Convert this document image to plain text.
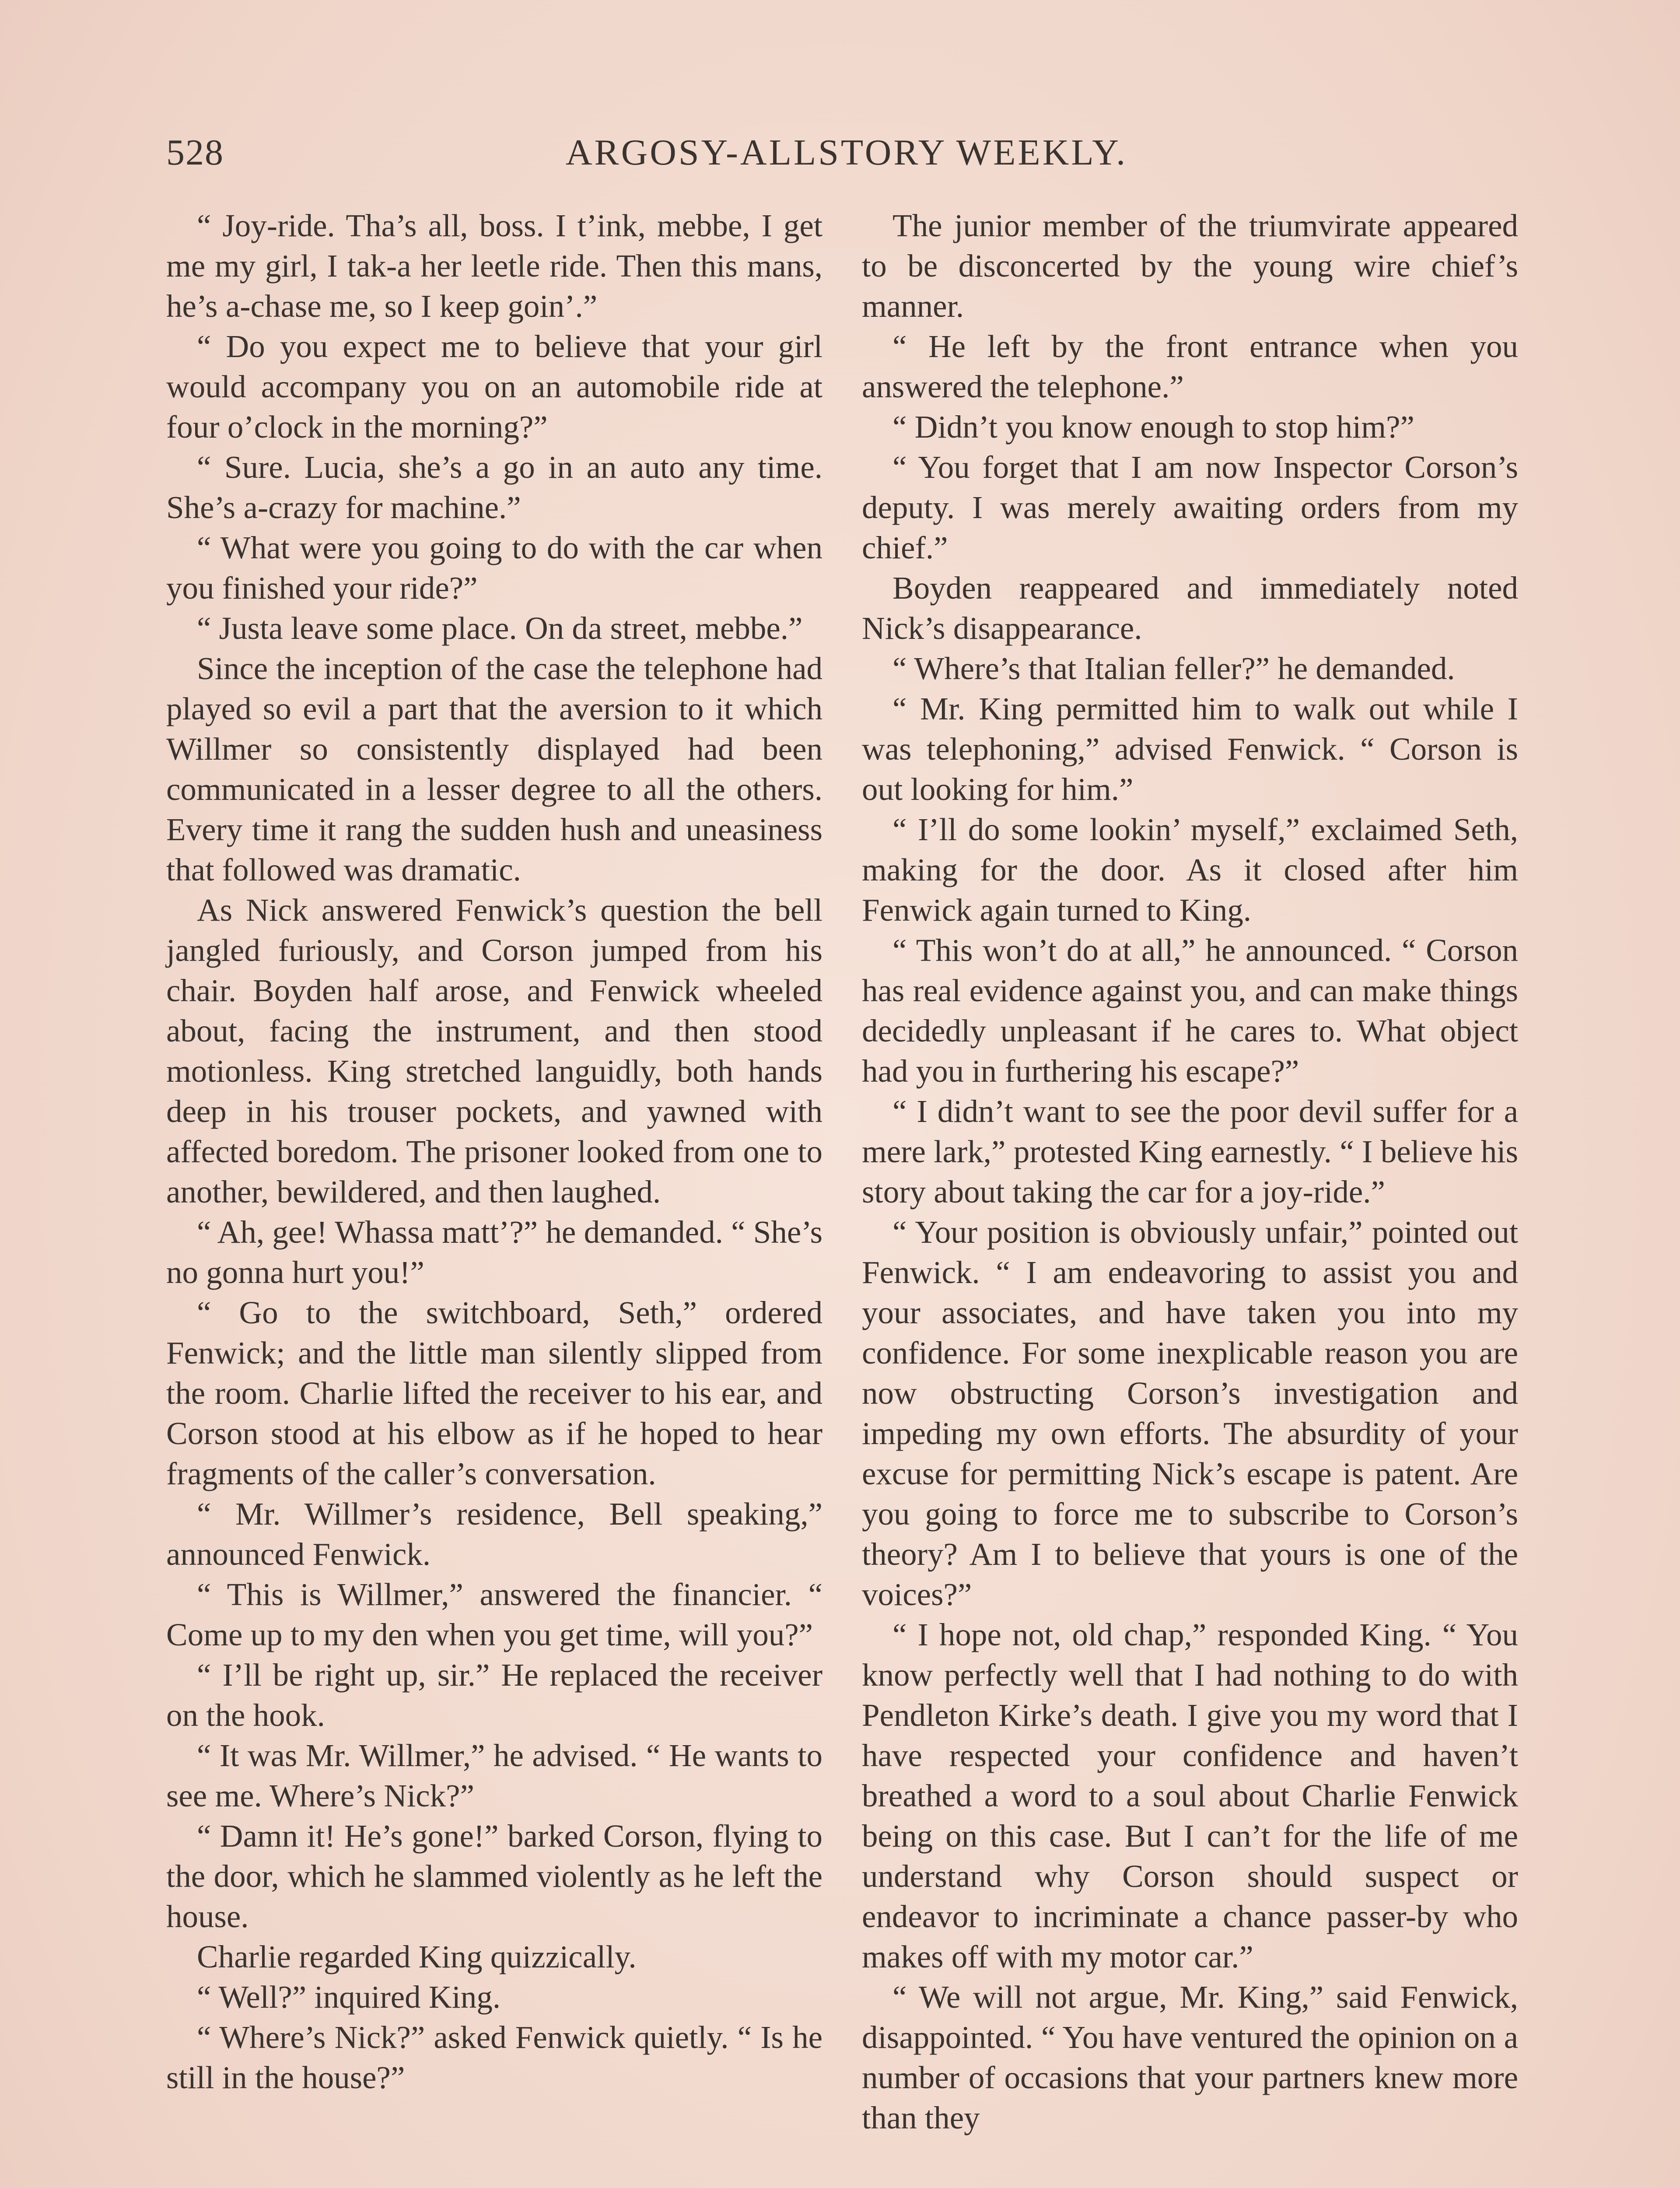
528	ARGOSY-ALLSTORY WEEKLY.

“ Joy-ride. Tha’s all, boss. I t’ink, mebbe, I get me my girl, I tak-a her leetle ride. Then this mans, he’s a-chase me, so I keep goin’.”

“ Do you expect me to believe that your girl would accompany you on an automobile ride at four o’clock in the morning?”

“ Sure. Lucia, she’s a go in an auto any time. She’s a-crazy for machine.”

“ What were you going to do with the car when you finished your ride?”

“ Justa leave some place. On da street, mebbe.”

Since the inception of the case the telephone had played so evil a part that the aversion to it which Willmer so consistently displayed had been communicated in a lesser degree to all the others. Every time it rang the sudden hush and uneasiness that followed was dramatic.

As Nick answered Fenwick’s question the bell jangled furiously, and Corson jumped from his chair. Boyden half arose, and Fenwick wheeled about, facing the instrument, and then stood motionless. King stretched languidly, both hands deep in his trouser pockets, and yawned with affected boredom. The prisoner looked from one to another, bewildered, and then laughed.

“ Ah, gee! Whassa matt’?” he demanded. “ She’s no gonna hurt you!”

“ Go to the switchboard, Seth,” ordered Fenwick; and the little man silently slipped from the room. Charlie lifted the receiver to his ear, and Corson stood at his elbow as if he hoped to hear fragments of the caller’s conversation.

“ Mr. Willmer’s residence, Bell speaking,” announced Fenwick.

“ This is Willmer,” answered the financier. “ Come up to my den when you get time, will you?”

“ I’ll be right up, sir.” He replaced the receiver on the hook.

“ It was Mr. Willmer,” he advised. “ He wants to see me. Where’s Nick?”

“ Damn it! He’s gone!” barked Corson, flying to the door, which he slammed violently as he left the house.

Charlie regarded King quizzically.

“ Well?” inquired King.

“ Where’s Nick?” asked Fenwick quietly. “ Is he still in the house?”

The junior member of the triumvirate appeared to be disconcerted by the young wire chief’s manner.

“ He left by the front entrance when you answered the telephone.”

“ Didn’t you know enough to stop him?”

“ You forget that I am now Inspector Corson’s deputy. I was merely awaiting orders from my chief.”

Boyden reappeared and immediately noted Nick’s disappearance.

“ Where’s that Italian feller?” he demanded.

“ Mr. King permitted him to walk out while I was telephoning,” advised Fenwick. “ Corson is out looking for him.”

“ I’ll do some lookin’ myself,” exclaimed Seth, making for the door. As it closed after him Fenwick again turned to King.

“ This won’t do at all,” he announced. “ Corson has real evidence against you, and can make things decidedly unpleasant if he cares to. What object had you in furthering his escape?”

“ I didn’t want to see the poor devil suffer for a mere lark,” protested King earnestly. “ I believe his story about taking the car for a joy-ride.”

“ Your position is obviously unfair,” pointed out Fenwick. “ I am endeavoring to assist you and your associates, and have taken you into my confidence. For some inexplicable reason you are now obstructing Corson’s investigation and impeding my own efforts. The absurdity of your excuse for permitting Nick’s escape is patent. Are you going to force me to subscribe to Corson’s theory? Am I to believe that yours is one of the voices?”

“ I hope not, old chap,” responded King. “ You know perfectly well that I had nothing to do with Pendleton Kirke’s death. I give you my word that I have respected your confidence and haven’t breathed a word to a soul about Charlie Fenwick being on this case. But I can’t for the life of me understand why Corson should suspect or endeavor to incriminate a chance passer-by who makes off with my motor car.”

“ We will not argue, Mr. King,” said Fenwick, disappointed. “ You have ventured the opinion on a number of occasions that your partners knew more than they
